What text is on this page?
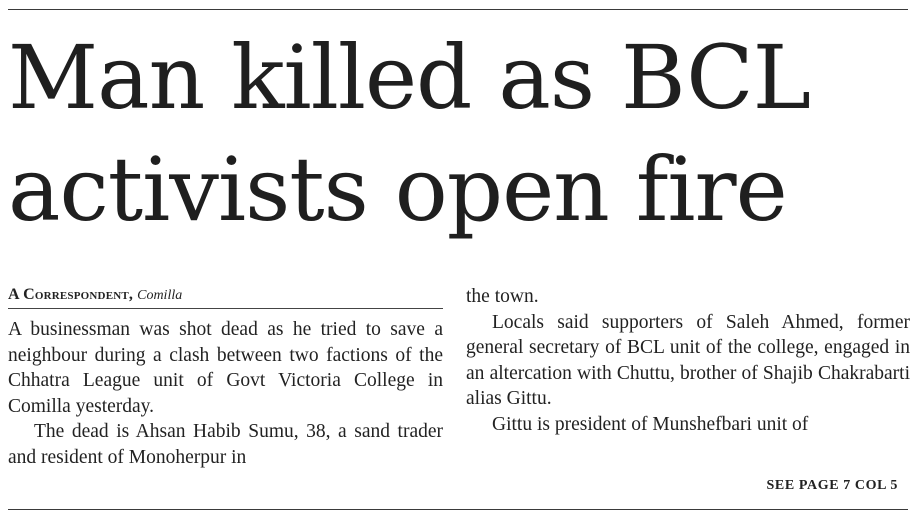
Man killed as BCL
activists open fire
A Correspondent, Comilla

A businessman was shot dead as he tried to save a neighbour during a clash between two factions of the Chhatra League unit of Govt Victoria College in Comilla yesterday.

The dead is Ahsan Habib Sumu, 38, a sand trader and resident of Monoherpur in

the town.

Locals said supporters of Saleh Ahmed, former general secretary of BCL unit of the college, engaged in an altercation with Chuttu, brother of Shajib Chakrabarti alias Gittu.

Gittu is president of Munshefbari unit of

SEE PAGE 7 COL 5
